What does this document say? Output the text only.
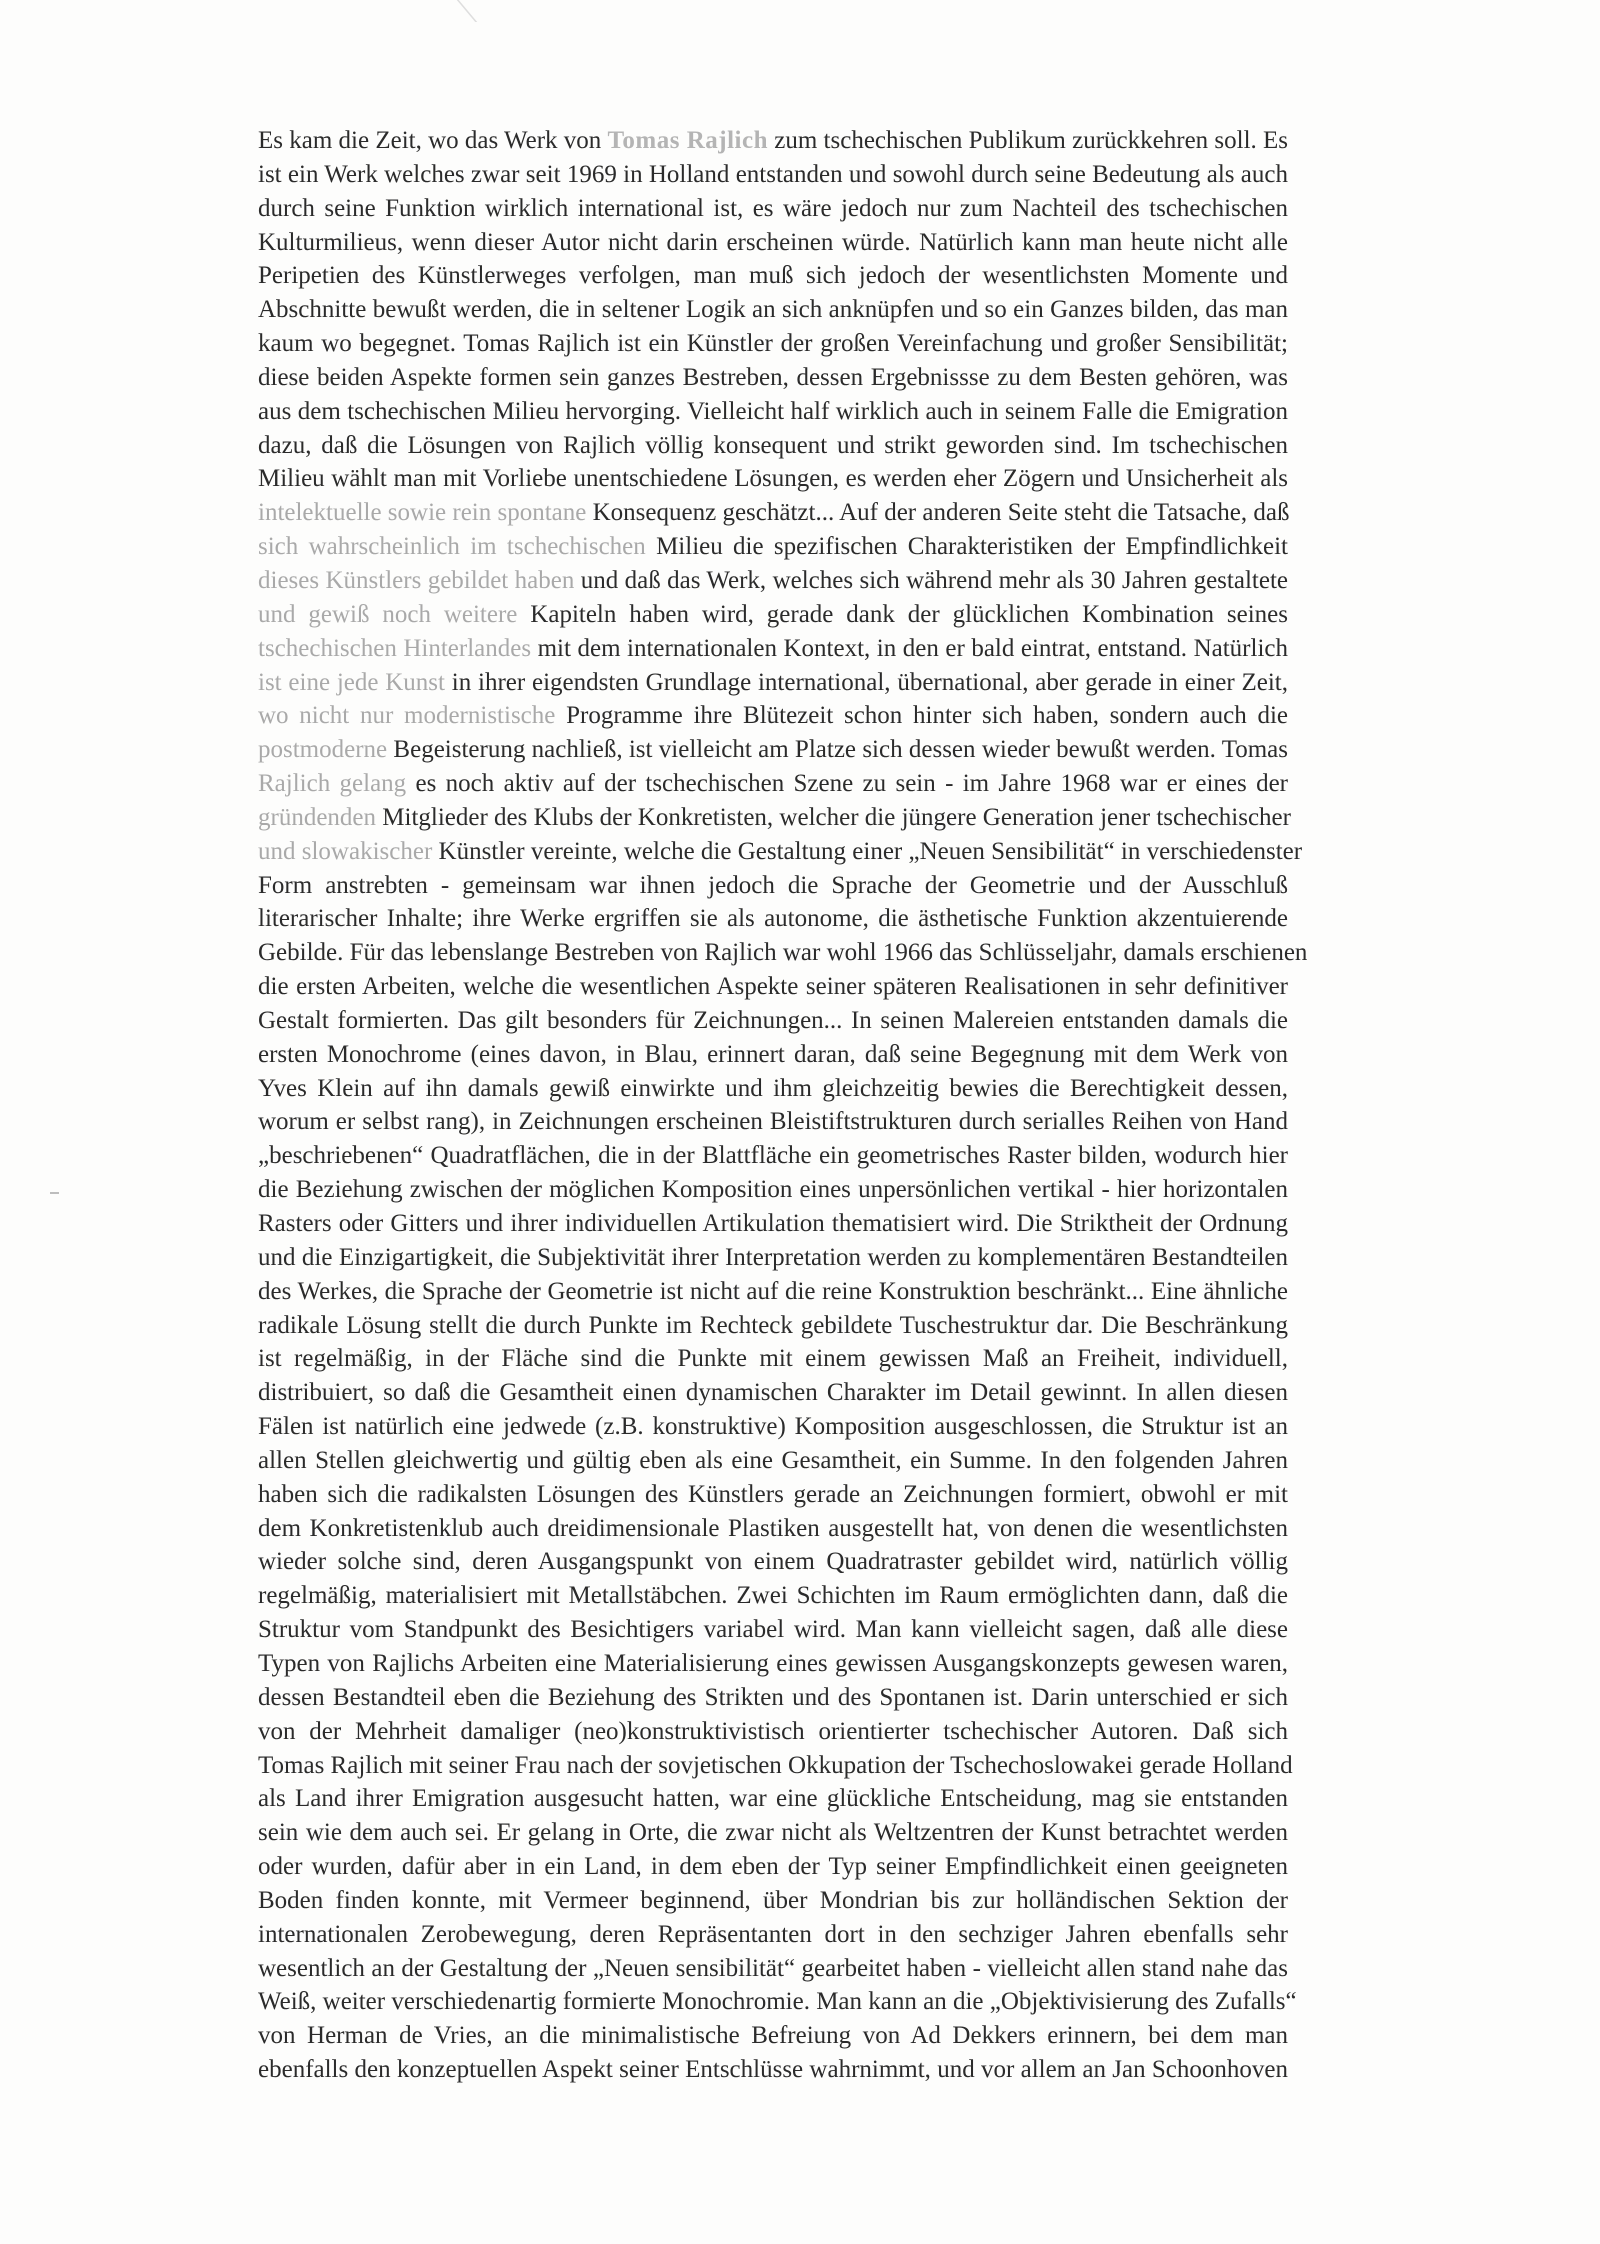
Es kam die Zeit, wo das Werk von Tomas Rajlich zum tschechischen Publikum zurückkehren soll. Es
ist ein Werk welches zwar seit 1969 in Holland entstanden und sowohl durch seine Bedeutung als auch
durch seine Funktion wirklich international ist, es wäre jedoch nur zum Nachteil des tschechischen
Kulturmilieus, wenn dieser Autor nicht darin erscheinen würde. Natürlich kann man heute nicht alle
Peripetien des Künstlerweges verfolgen, man muß sich jedoch der wesentlichsten Momente und
Abschnitte bewußt werden, die in seltener Logik an sich anknüpfen und so ein Ganzes bilden, das man
kaum wo begegnet. Tomas Rajlich ist ein Künstler der großen Vereinfachung und großer Sensibilität;
diese beiden Aspekte formen sein ganzes Bestreben, dessen Ergebnissse zu dem Besten gehören, was
aus dem tschechischen Milieu hervorging. Vielleicht half wirklich auch in seinem Falle die Emigration
dazu, daß die Lösungen von Rajlich völlig konsequent und strikt geworden sind. Im tschechischen
Milieu wählt man mit Vorliebe unentschiedene Lösungen, es werden eher Zögern und Unsicherheit als
intelektuelle sowie rein spontane Konsequenz geschätzt... Auf der anderen Seite steht die Tatsache, daß
sich wahrscheinlich im tschechischen Milieu die spezifischen Charakteristiken der Empfindlichkeit
dieses Künstlers gebildet haben und daß das Werk, welches sich während mehr als 30 Jahren gestaltete
und gewiß noch weitere Kapiteln haben wird, gerade dank der glücklichen Kombination seines
tschechischen Hinterlandes mit dem internationalen Kontext, in den er bald eintrat, entstand. Natürlich
ist eine jede Kunst in ihrer eigendsten Grundlage international, übernational, aber gerade in einer Zeit,
wo nicht nur modernistische Programme ihre Blütezeit schon hinter sich haben, sondern auch die
postmoderne Begeisterung nachließ, ist vielleicht am Platze sich dessen wieder bewußt werden. Tomas
Rajlich gelang es noch aktiv auf der tschechischen Szene zu sein - im Jahre 1968 war er eines der
gründenden Mitglieder des Klubs der Konkretisten, welcher die jüngere Generation jener tschechischer
und slowakischer Künstler vereinte, welche die Gestaltung einer „Neuen Sensibilität“ in verschiedenster
Form anstrebten - gemeinsam war ihnen jedoch die Sprache der Geometrie und der Ausschluß
literarischer Inhalte; ihre Werke ergriffen sie als autonome, die ästhetische Funktion akzentuierende
Gebilde. Für das lebenslange Bestreben von Rajlich war wohl 1966 das Schlüsseljahr, damals erschienen
die ersten Arbeiten, welche die wesentlichen Aspekte seiner späteren Realisationen in sehr definitiver
Gestalt formierten. Das gilt besonders für Zeichnungen... In seinen Malereien entstanden damals die
ersten Monochrome (eines davon, in Blau, erinnert daran, daß seine Begegnung mit dem Werk von
Yves Klein auf ihn damals gewiß einwirkte und ihm gleichzeitig bewies die Berechtigkeit dessen,
worum er selbst rang), in Zeichnungen erscheinen Bleistiftstrukturen durch serialles Reihen von Hand
„beschriebenen“ Quadratflächen, die in der Blattfläche ein geometrisches Raster bilden, wodurch hier
die Beziehung zwischen der möglichen Komposition eines unpersönlichen vertikal - hier horizontalen
Rasters oder Gitters und ihrer individuellen Artikulation thematisiert wird. Die Striktheit der Ordnung
und die Einzigartigkeit, die Subjektivität ihrer Interpretation werden zu komplementären Bestandteilen
des Werkes, die Sprache der Geometrie ist nicht auf die reine Konstruktion beschränkt... Eine ähnliche
radikale Lösung stellt die durch Punkte im Rechteck gebildete Tuschestruktur dar. Die Beschränkung
ist regelmäßig, in der Fläche sind die Punkte mit einem gewissen Maß an Freiheit, individuell,
distribuiert, so daß die Gesamtheit einen dynamischen Charakter im Detail gewinnt. In allen diesen
Fälen ist natürlich eine jedwede (z.B. konstruktive) Komposition ausgeschlossen, die Struktur ist an
allen Stellen gleichwertig und gültig eben als eine Gesamtheit, ein Summe. In den folgenden Jahren
haben sich die radikalsten Lösungen des Künstlers gerade an Zeichnungen formiert, obwohl er mit
dem Konkretistenklub auch dreidimensionale Plastiken ausgestellt hat, von denen die wesentlichsten
wieder solche sind, deren Ausgangspunkt von einem Quadratraster gebildet wird, natürlich völlig
regelmäßig, materialisiert mit Metallstäbchen. Zwei Schichten im Raum ermöglichten dann, daß die
Struktur vom Standpunkt des Besichtigers variabel wird. Man kann vielleicht sagen, daß alle diese
Typen von Rajlichs Arbeiten eine Materialisierung eines gewissen Ausgangskonzepts gewesen waren,
dessen Bestandteil eben die Beziehung des Strikten und des Spontanen ist. Darin unterschied er sich
von der Mehrheit damaliger (neo)konstruktivistisch orientierter tschechischer Autoren. Daß sich
Tomas Rajlich mit seiner Frau nach der sovjetischen Okkupation der Tschechoslowakei gerade Holland
als Land ihrer Emigration ausgesucht hatten, war eine glückliche Entscheidung, mag sie entstanden
sein wie dem auch sei. Er gelang in Orte, die zwar nicht als Weltzentren der Kunst betrachtet werden
oder wurden, dafür aber in ein Land, in dem eben der Typ seiner Empfindlichkeit einen geeigneten
Boden finden konnte, mit Vermeer beginnend, über Mondrian bis zur holländischen Sektion der
internationalen Zerobewegung, deren Repräsentanten dort in den sechziger Jahren ebenfalls sehr
wesentlich an der Gestaltung der „Neuen sensibilität“ gearbeitet haben - vielleicht allen stand nahe das
Weiß, weiter verschiedenartig formierte Monochromie. Man kann an die „Objektivisierung des Zufalls“
von Herman de Vries, an die minimalistische Befreiung von Ad Dekkers erinnern, bei dem man
ebenfalls den konzeptuellen Aspekt seiner Entschlüsse wahrnimmt, und vor allem an Jan Schoonhoven
